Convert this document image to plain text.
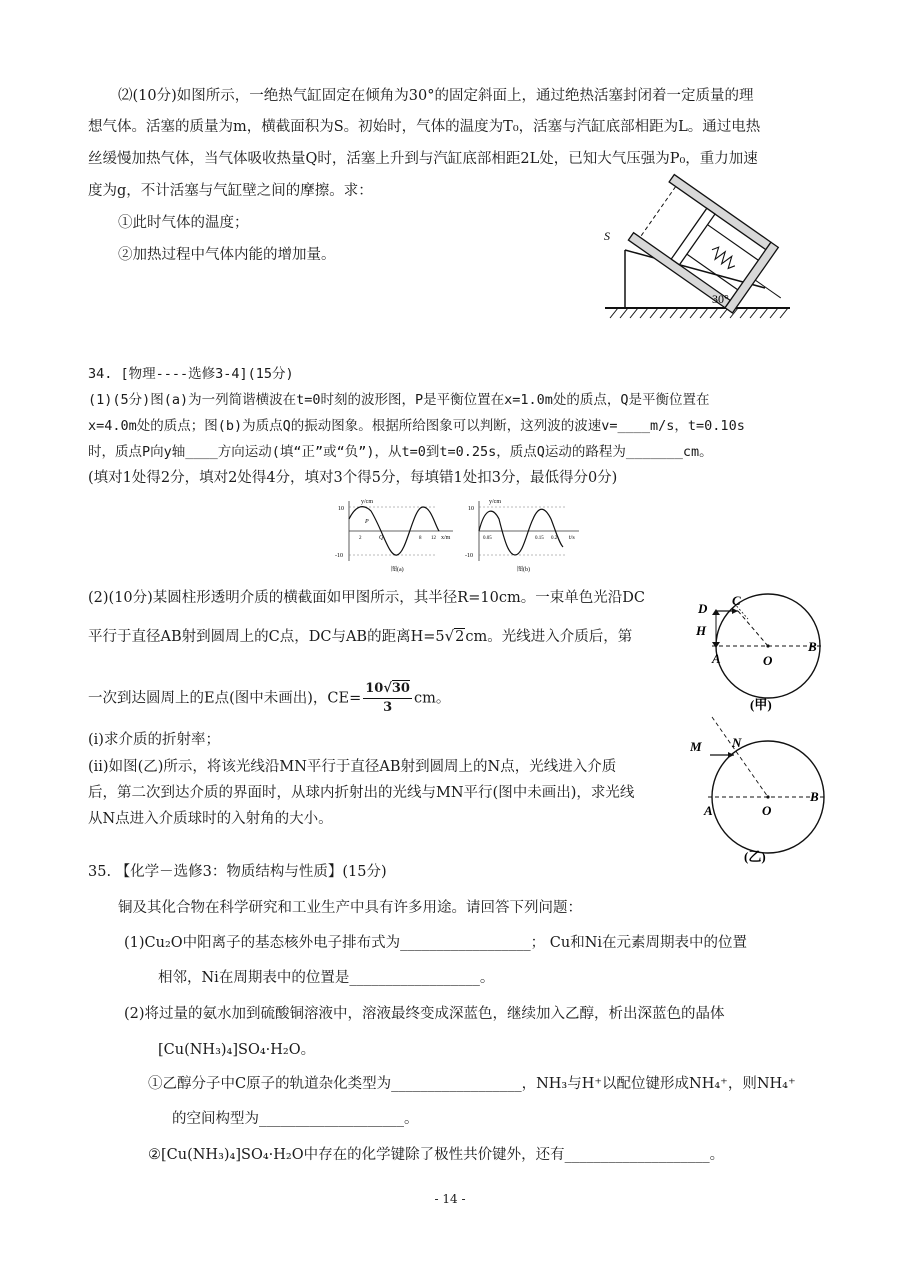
⑵(10分)如图所示，一绝热气缸固定在倾角为30°的固定斜面上，通过绝热活塞封闭着一定质量的理
想气体。活塞的质量为m，横截面积为S。初始时，气体的温度为T₀，活塞与汽缸底部相距为L。通过电热
丝缓慢加热气体，当气体吸收热量Q时，活塞上升到与汽缸底部相距2L处，已知大气压强为P₀，重力加速
度为g，不计活塞与气缸壁之间的摩擦。求：
①此时气体的温度；
②加热过程中气体内能的增加量。
S
30°
34. [物理----选修3-4](15分)
(1)(5分)图(a)为一列简谐横波在t=0时刻的波形图，P是平衡位置在x=1.0m处的质点，Q是平衡位置在
x=4.0m处的质点；图(b)为质点Q的振动图象。根据所给图象可以判断，这列波的波速v=____m/s，t=0.10s
时，质点P向y轴____方向运动(填“正”或“负”)，从t=0到t=0.25s，质点Q运动的路程为_______cm。
(填对1处得2分，填对2处得4分，填对3个得5分，每填错1处扣3分，最低得分0分)
y/cm
x/m
10
-10
P
Q
2	8 12
图(a)
y/cm
t/s
10
-10
0.05	0.15 0.2
图(b)
(2)(10分)某圆柱形透明介质的横截面如甲图所示，其半径R=10cm。一束单色光沿DC
平行于直径AB射到圆周上的C点，DC与AB的距离H=5√2cm。光线进入介质后，第
一次到达圆周上的E点(图中未画出)，$CE= \frac{10√30}{3}$ cm。
(i)求介质的折射率；
(ii)如图(乙)所示，将该光线沿MN平行于直径AB射到圆周上的N点，光线进入介质
后，第二次到达介质的界面时，从球内折射出的光线与MN平行(图中未画出)，求光线
从N点进入介质球时的入射角的大小。
D
C
H
A	O
B
(甲)
M N
A	O
B
(乙)
35. 【化学－选修3：物质结构与性质】(15分)
铜及其化合物在科学研究和工业生产中具有许多用途。请回答下列问题：
(1)Cu₂O中阳离子的基态核外电子排布式为__________________； Cu和Ni在元素周期表中的位置
相邻，Ni在周期表中的位置是__________________。
(2)将过量的氨水加到硫酸铜溶液中，溶液最终变成深蓝色，继续加入乙醇，析出深蓝色的晶体
[Cu(NH₃)₄]SO₄·H₂O。
①乙醇分子中C原子的轨道杂化类型为__________________，NH₃与H⁺以配位键形成NH₄⁺，则NH₄⁺
的空间构型为____________________。
②[Cu(NH₃)₄]SO₄·H₂O中存在的化学键除了极性共价键外，还有____________________。
- 14 -
